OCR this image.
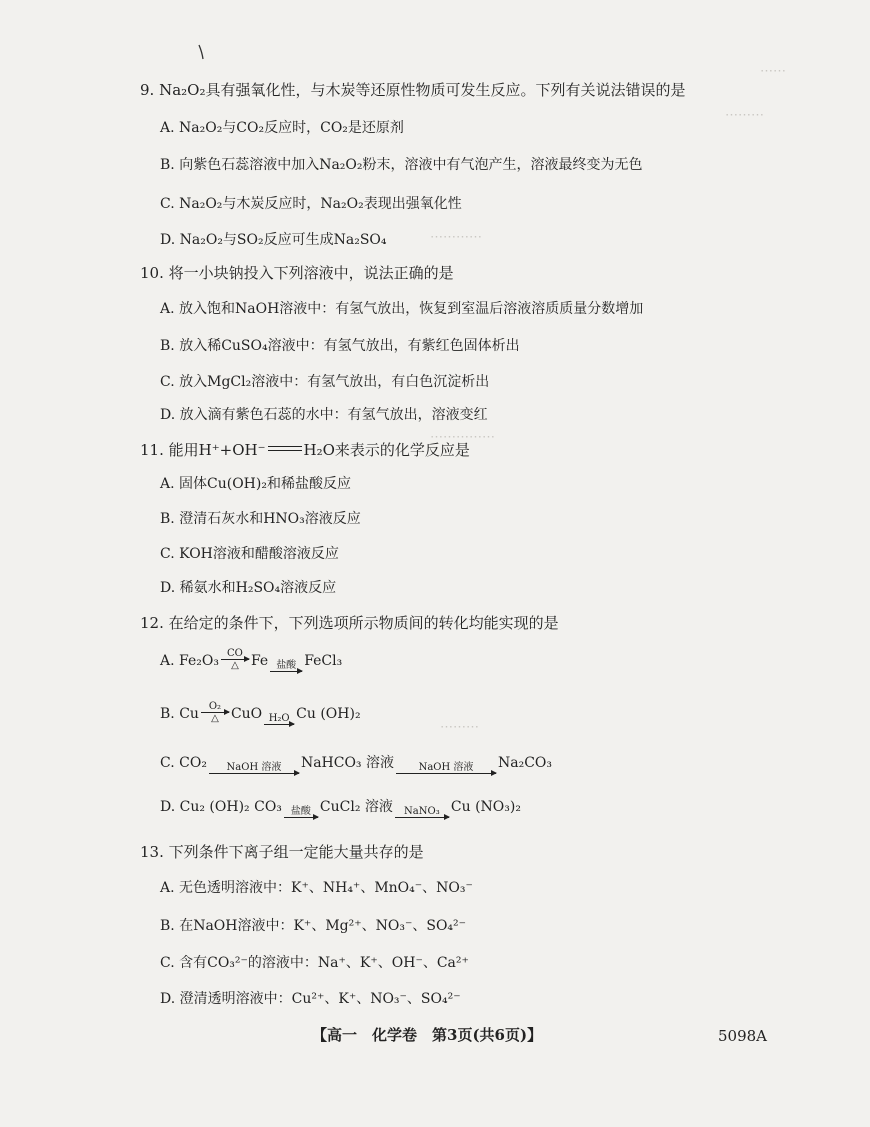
⋯⋯
⋯⋯⋯
⋯⋯⋯⋯
⋯⋯⋯⋯⋯
⋯⋯⋯
9. Na₂O₂具有强氧化性，与木炭等还原性物质可发生反应。下列有关说法错误的是
A. Na₂O₂与CO₂反应时，CO₂是还原剂
B. 向紫色石蕊溶液中加入Na₂O₂粉末，溶液中有气泡产生，溶液最终变为无色
C. Na₂O₂与木炭反应时，Na₂O₂表现出强氧化性
D. Na₂O₂与SO₂反应可生成Na₂SO₄
10. 将一小块钠投入下列溶液中，说法正确的是
A. 放入饱和NaOH溶液中：有氢气放出，恢复到室温后溶液溶质质量分数增加
B. 放入稀CuSO₄溶液中：有氢气放出，有紫红色固体析出
C. 放入MgCl₂溶液中：有氢气放出，有白色沉淀析出
D. 放入滴有紫色石蕊的水中：有氢气放出，溶液变红
11. 能用H⁺+OH⁻	H₂O来表示的化学反应是
A. 固体Cu(OH)₂和稀盐酸反应
B. 澄清石灰水和HNO₃溶液反应
C. KOH溶液和醋酸溶液反应
D. 稀氨水和H₂SO₄溶液反应
12. 在给定的条件下，下列选项所示物质间的转化均能实现的是
A. Fe₂O₃ CO
△ Fe 盐酸 FeCl₃
B. Cu O₂
△ CuO H₂O Cu (OH)₂
C. CO₂	NaOH 溶液	NaHCO₃ 溶液	NaOH 溶液	Na₂CO₃
D. Cu₂ (OH)₂ CO₃ 盐酸 CuCl₂ 溶液	NaNO₃ Cu (NO₃)₂
13. 下列条件下离子组一定能大量共存的是
A. 无色透明溶液中：K⁺、NH₄⁺、MnO₄⁻、NO₃⁻
B. 在NaOH溶液中：K⁺、Mg²⁺、NO₃⁻、SO₄²⁻
C. 含有CO₃²⁻的溶液中：Na⁺、K⁺、OH⁻、Ca²⁺
D. 澄清透明溶液中：Cu²⁺、K⁺、NO₃⁻、SO₄²⁻
【高一　化学卷　第3页(共6页)】	5098A
